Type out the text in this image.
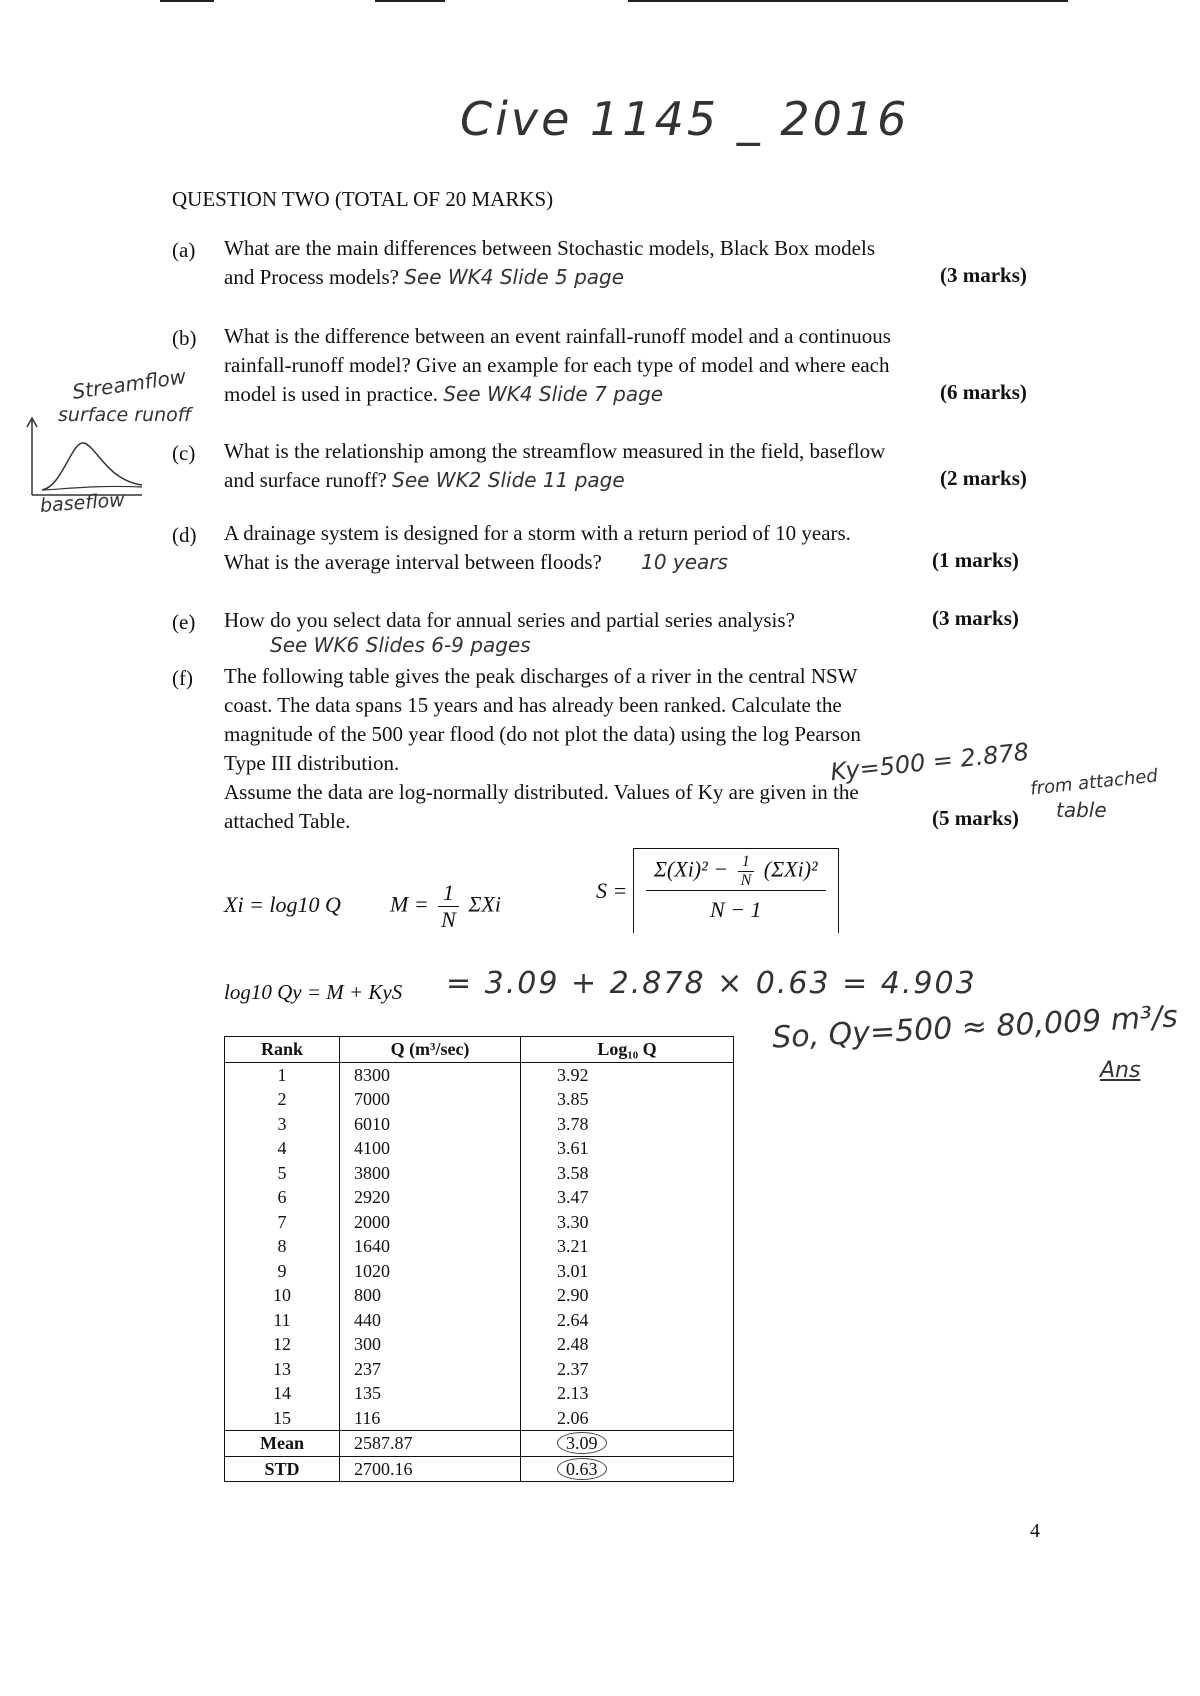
Cive 1145 _ 2016
QUESTION TWO (TOTAL OF 20 MARKS)
(a) What are the main differences between Stochastic models, Black Box models
and Process models? See WK4 Slide 5 page	(3 marks)
(b) What is the difference between an event rainfall-runoff model and a continuous
rainfall-runoff model? Give an example for each type of model and where each
model is used in practice. See WK4 Slide 7 page	(6 marks)
Streamflow
surface runoff
baseflow
(c) What is the relationship among the streamflow measured in the field, baseflow
and surface runoff? See WK2 Slide 11 page	(2 marks)
(d) A drainage system is designed for a storm with a return period of 10 years.
What is the average interval between floods? 10 years	(1 marks)
(e) How do you select data for annual series and partial series analysis?
See WK6 Slides 6-9 pages
(3 marks)
(f) The following table gives the peak discharges of a river in the central NSW
coast. The data spans 15 years and has already been ranked. Calculate the
magnitude of the 500 year flood (do not plot the data) using the log Pearson
Type III distribution.
Assume the data are log-normally distributed. Values of Ky are given in the
attached Table.	(5 marks)
Ky=500 = 2.878 from attached
table
Xi = log10 Q $M = \frac{1}{N}$ ΣXi
$S = \frac{\Sigma(Xi)^2 - \frac{1}{N} (\Sigma Xi)^2}{N - 1}$
log10 Qy = M + KyS = 3.09 + 2.878 × 0.63 = 4.903
So, Qy=500 ≈ 80,009 m³/s
Ans
Rank	Q (m³/sec)	Log₁₀ Q
1	8300	3.92
2	7000	3.85
3	6010	3.78
4	4100	3.61
5	3800	3.58
6	2920	3.47
7	2000	3.30
8	1640	3.21
9	1020	3.01
10	800	2.90
11	440	2.64
12	300	2.48
13	237	2.37
14	135	2.13
15	116	2.06
Mean	2587.87	3.09
STD	2700.16	0.63
4
